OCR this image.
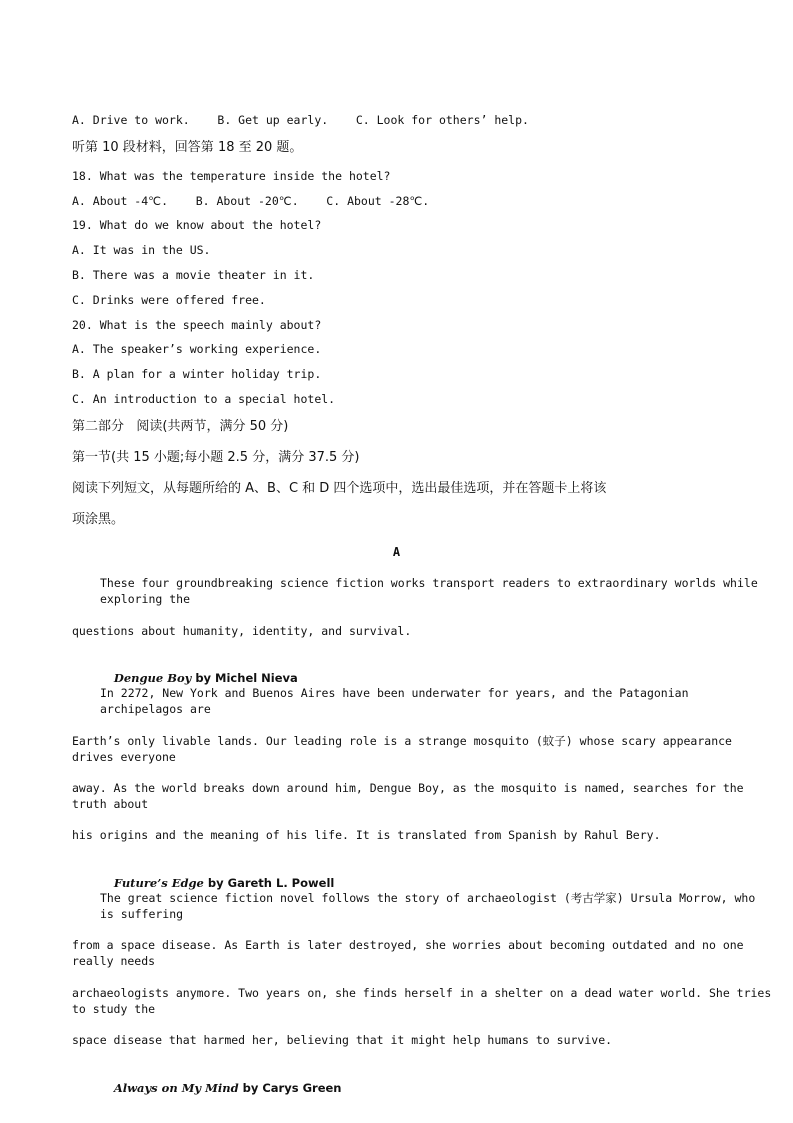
A. Drive to work.    B. Get up early.    C. Look for others’ help.
听第 10 段材料，回答第 18 至 20 题。
18. What was the temperature inside the hotel?
A. About -4℃.    B. About -20℃.    C. About -28℃.
19. What do we know about the hotel?
A. It was in the US.
B. There was a movie theater in it.
C. Drinks were offered free.
20. What is the speech mainly about?
A. The speaker’s working experience.
B. A plan for a winter holiday trip.
C. An introduction to a special hotel.
第二部分   阅读(共两节，满分 50 分)
第一节(共 15 小题;每小题 2.5 分，满分 37.5 分)
阅读下列短文，从每题所给的 A、B、C 和 D 四个选项中，选出最佳选项，并在答题卡上将该
项涂黑。
A
These four groundbreaking science fiction works transport readers to extraordinary worlds while exploring the
questions about humanity, identity, and survival.

Dengue Boy by Michel Nieva

In 2272, New York and Buenos Aires have been underwater for years, and the Patagonian archipelagos are
Earth’s only livable lands. Our leading role is a strange mosquito (蚊子) whose scary appearance drives everyone
away. As the world breaks down around him, Dengue Boy, as the mosquito is named, searches for the truth about
his origins and the meaning of his life. It is translated from Spanish by Rahul Bery.

Future’s Edge by Gareth L. Powell

The great science fiction novel follows the story of archaeologist (考古学家) Ursula Morrow, who is suffering
from a space disease. As Earth is later destroyed, she worries about becoming outdated and no one really needs
archaeologists anymore. Two years on, she finds herself in a shelter on a dead water world. She tries to study the
space disease that harmed her, believing that it might help humans to survive.

Always on My Mind by Carys Green
